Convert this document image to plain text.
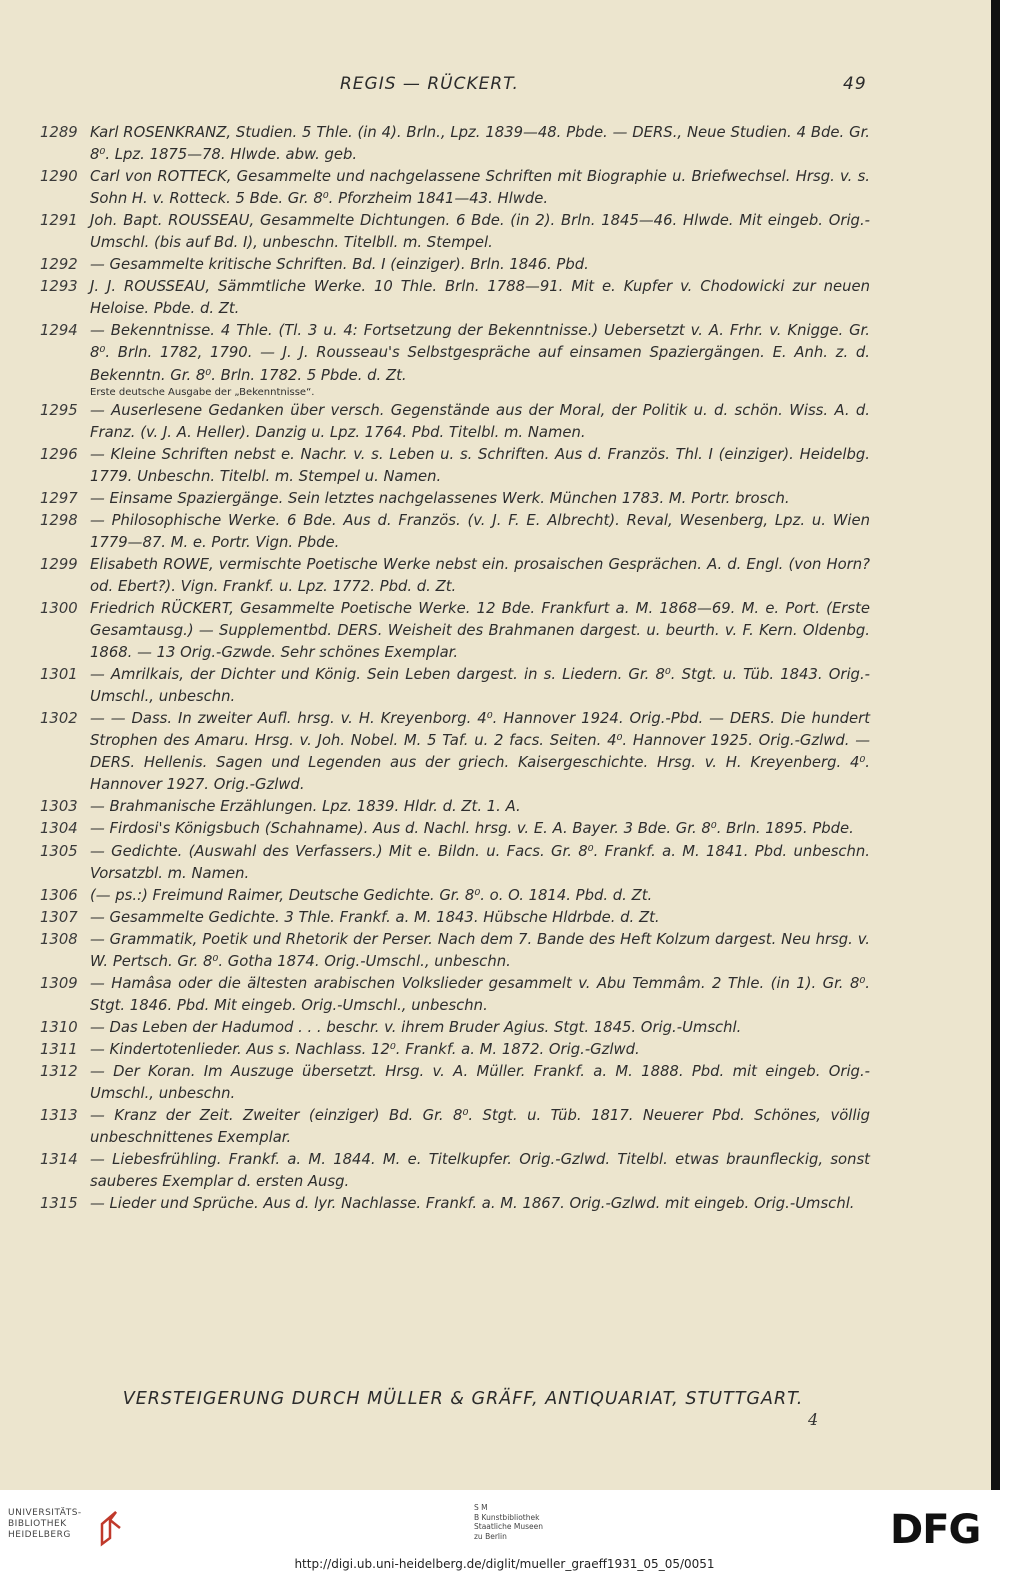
REGIS — RÜCKERT.	49
1289 Karl ROSENKRANZ, Studien. 5 Thle. (in 4). Brln., Lpz. 1839—48. Pbde. — DERS., Neue Studien. 4 Bde. Gr. 8⁰. Lpz. 1875—78. Hlwde. abw. geb.
1290 Carl von ROTTECK, Gesammelte und nachgelassene Schriften mit Biographie u. Briefwechsel. Hrsg. v. s. Sohn H. v. Rotteck. 5 Bde. Gr. 8⁰. Pforzheim 1841—43. Hlwde.
1291 Joh. Bapt. ROUSSEAU, Gesammelte Dichtungen. 6 Bde. (in 2). Brln. 1845—46. Hlwde. Mit eingeb. Orig.-Umschl. (bis auf Bd. I), unbeschn. Titelbll. m. Stempel.
1292 — Gesammelte kritische Schriften. Bd. I (einziger). Brln. 1846. Pbd.
1293 J. J. ROUSSEAU, Sämmtliche Werke. 10 Thle. Brln. 1788—91. Mit e. Kupfer v. Chodowicki zur neuen Heloise. Pbde. d. Zt.
1294 — Bekenntnisse. 4 Thle. (Tl. 3 u. 4: Fortsetzung der Bekenntnisse.) Uebersetzt v. A. Frhr. v. Knigge. Gr. 8⁰. Brln. 1782, 1790. — J. J. Rousseau's Selbstgespräche auf einsamen Spaziergängen. E. Anh. z. d. Bekenntn. Gr. 8⁰. Brln. 1782. 5 Pbde. d. Zt.
Erste deutsche Ausgabe der „Bekenntnisse“.
1295 — Auserlesene Gedanken über versch. Gegenstände aus der Moral, der Politik u. d. schön. Wiss. A. d. Franz. (v. J. A. Heller). Danzig u. Lpz. 1764. Pbd. Titelbl. m. Namen.
1296 — Kleine Schriften nebst e. Nachr. v. s. Leben u. s. Schriften. Aus d. Französ. Thl. I (einziger). Heidelbg. 1779. Unbeschn. Titelbl. m. Stempel u. Namen.
1297 — Einsame Spaziergänge. Sein letztes nachgelassenes Werk. München 1783. M. Portr. brosch.
1298 — Philosophische Werke. 6 Bde. Aus d. Französ. (v. J. F. E. Albrecht). Reval, Wesenberg, Lpz. u. Wien 1779—87. M. e. Portr. Vign. Pbde.
1299 Elisabeth ROWE, vermischte Poetische Werke nebst ein. prosaischen Gesprächen. A. d. Engl. (von Horn? od. Ebert?). Vign. Frankf. u. Lpz. 1772. Pbd. d. Zt.
1300 Friedrich RÜCKERT, Gesammelte Poetische Werke. 12 Bde. Frankfurt a. M. 1868—69. M. e. Port. (Erste Gesamtausg.) — Supplementbd. DERS. Weisheit des Brahmanen dargest. u. beurth. v. F. Kern. Oldenbg. 1868. — 13 Orig.-Gzwde. Sehr schönes Exemplar.
1301 — Amrilkais, der Dichter und König. Sein Leben dargest. in s. Liedern. Gr. 8⁰. Stgt. u. Tüb. 1843. Orig.-Umschl., unbeschn.
1302 — — Dass. In zweiter Aufl. hrsg. v. H. Kreyenborg. 4⁰. Hannover 1924. Orig.-Pbd. — DERS. Die hundert Strophen des Amaru. Hrsg. v. Joh. Nobel. M. 5 Taf. u. 2 facs. Seiten. 4⁰. Hannover 1925. Orig.-Gzlwd. — DERS. Hellenis. Sagen und Legenden aus der griech. Kaisergeschichte. Hrsg. v. H. Kreyenberg. 4⁰. Hannover 1927. Orig.-Gzlwd.
1303 — Brahmanische Erzählungen. Lpz. 1839. Hldr. d. Zt. 1. A.
1304 — Firdosi's Königsbuch (Schahname). Aus d. Nachl. hrsg. v. E. A. Bayer. 3 Bde. Gr. 8⁰. Brln. 1895. Pbde.
1305 — Gedichte. (Auswahl des Verfassers.) Mit e. Bildn. u. Facs. Gr. 8⁰. Frankf. a. M. 1841. Pbd. unbeschn. Vorsatzbl. m. Namen.
1306 (— ps.:) Freimund Raimer, Deutsche Gedichte. Gr. 8⁰. o. O. 1814. Pbd. d. Zt.
1307 — Gesammelte Gedichte. 3 Thle. Frankf. a. M. 1843. Hübsche Hldrbde. d. Zt.
1308 — Grammatik, Poetik und Rhetorik der Perser. Nach dem 7. Bande des Heft Kolzum dargest. Neu hrsg. v. W. Pertsch. Gr. 8⁰. Gotha 1874. Orig.-Umschl., unbeschn.
1309 — Hamâsa oder die ältesten arabischen Volkslieder gesammelt v. Abu Temmâm. 2 Thle. (in 1). Gr. 8⁰. Stgt. 1846. Pbd. Mit eingeb. Orig.-Umschl., unbeschn.
1310 — Das Leben der Hadumod . . . beschr. v. ihrem Bruder Agius. Stgt. 1845. Orig.-Umschl.
1311 — Kindertotenlieder. Aus s. Nachlass. 12⁰. Frankf. a. M. 1872. Orig.-Gzlwd.
1312 — Der Koran. Im Auszuge übersetzt. Hrsg. v. A. Müller. Frankf. a. M. 1888. Pbd. mit eingeb. Orig.-Umschl., unbeschn.
1313 — Kranz der Zeit. Zweiter (einziger) Bd. Gr. 8⁰. Stgt. u. Tüb. 1817. Neuerer Pbd. Schönes, völlig unbeschnittenes Exemplar.
1314 — Liebesfrühling. Frankf. a. M. 1844. M. e. Titelkupfer. Orig.-Gzlwd. Titelbl. etwas braunfleckig, sonst sauberes Exemplar d. ersten Ausg.
1315 — Lieder und Sprüche. Aus d. lyr. Nachlasse. Frankf. a. M. 1867. Orig.-Gzlwd. mit eingeb. Orig.-Umschl.
VERSTEIGERUNG DURCH MÜLLER & GRÄFF, ANTIQUARIAT, STUTTGART.
4
UNIVERSITÄTS-
BIBLIOTHEK
HEIDELBERG
S M
B Kunstbibliothek
Staatliche Museen
zu Berlin	DFG
http://digi.ub.uni-heidelberg.de/diglit/mueller_graeff1931_05_05/0051
